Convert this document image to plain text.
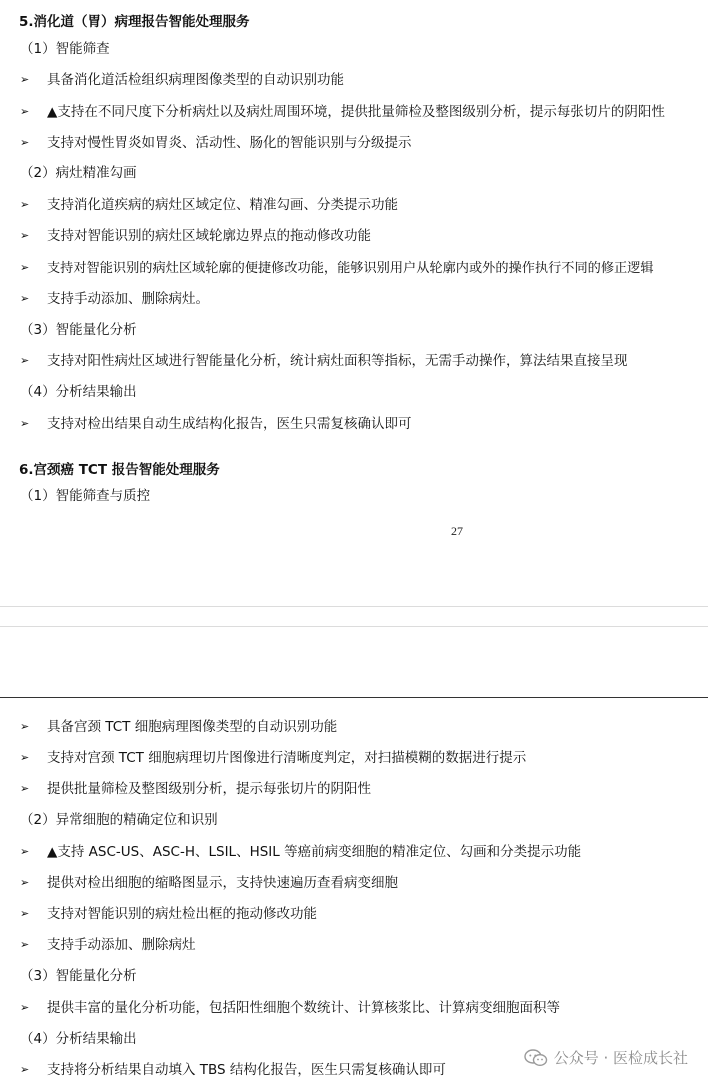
5.消化道（胃）病理报告智能处理服务
（1）智能筛查
➢ 具备消化道活检组织病理图像类型的自动识别功能
➢ ▲支持在不同尺度下分析病灶以及病灶周围环境，提供批量筛检及整图级别分析，提示每张切片的阴阳性
➢ 支持对慢性胃炎如胃炎、活动性、肠化的智能识别与分级提示
（2）病灶精准勾画
➢ 支持消化道疾病的病灶区域定位、精准勾画、分类提示功能
➢ 支持对智能识别的病灶区域轮廓边界点的拖动修改功能
➢ 支持对智能识别的病灶区域轮廓的便捷修改功能，能够识别用户从轮廓内或外的操作执行不同的修正逻辑
➢ 支持手动添加、删除病灶。
（3）智能量化分析
➢ 支持对阳性病灶区域进行智能量化分析，统计病灶面积等指标，无需手动操作，算法结果直接呈现
（4）分析结果输出
➢ 支持对检出结果自动生成结构化报告，医生只需复核确认即可
6.宫颈癌 TCT 报告智能处理服务
（1）智能筛查与质控
27
➢ 具备宫颈 TCT 细胞病理图像类型的自动识别功能
➢ 支持对宫颈 TCT 细胞病理切片图像进行清晰度判定，对扫描模糊的数据进行提示
➢ 提供批量筛检及整图级别分析，提示每张切片的阴阳性
（2）异常细胞的精确定位和识别
➢ ▲支持 ASC-US、ASC-H、LSIL、HSIL 等癌前病变细胞的精准定位、勾画和分类提示功能
➢ 提供对检出细胞的缩略图显示，支持快速遍历查看病变细胞
➢ 支持对智能识别的病灶检出框的拖动修改功能
➢ 支持手动添加、删除病灶
（3）智能量化分析
➢ 提供丰富的量化分析功能，包括阳性细胞个数统计、计算核浆比、计算病变细胞面积等
（4）分析结果输出
➢ 支持将分析结果自动填入 TBS 结构化报告，医生只需复核确认即可
公众号 · 医检成长社
